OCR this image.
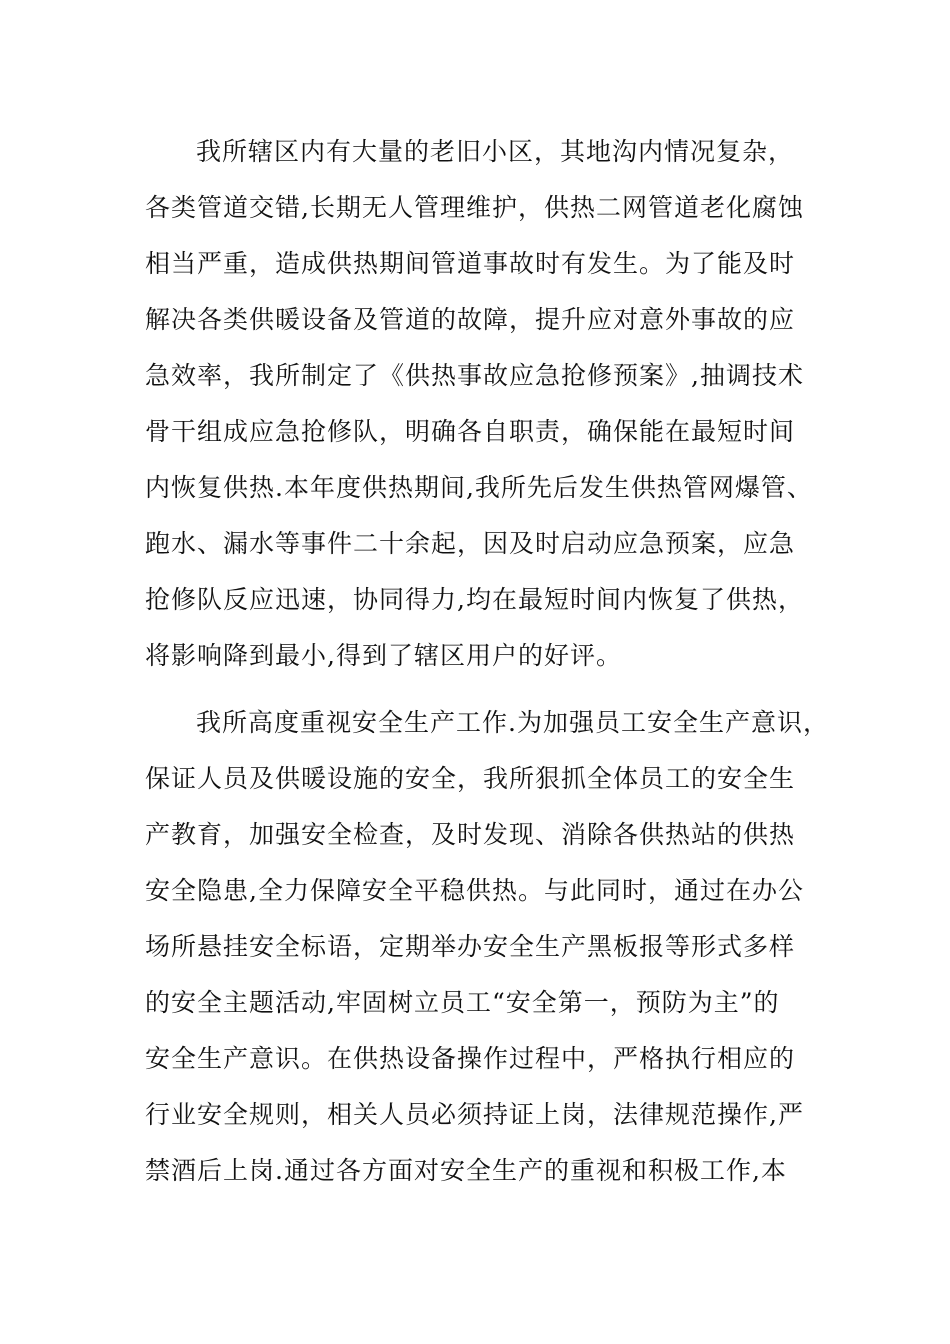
我所辖区内有大量的老旧小区，其地沟内情况复杂，
各类管道交错,长期无人管理维护，供热二网管道老化腐蚀
相当严重，造成供热期间管道事故时有发生。为了能及时
解决各类供暖设备及管道的故障，提升应对意外事故的应
急效率，我所制定了《供热事故应急抢修预案》,抽调技术
骨干组成应急抢修队，明确各自职责，确保能在最短时间
内恢复供热.本年度供热期间,我所先后发生供热管网爆管、
跑水、漏水等事件二十余起，因及时启动应急预案，应急
抢修队反应迅速，协同得力,均在最短时间内恢复了供热，
将影响降到最小,得到了辖区用户的好评。
我所高度重视安全生产工作.为加强员工安全生产意识，
保证人员及供暖设施的安全，我所狠抓全体员工的安全生
产教育，加强安全检查，及时发现、消除各供热站的供热
安全隐患,全力保障安全平稳供热。与此同时，通过在办公
场所悬挂安全标语，定期举办安全生产黑板报等形式多样
的安全主题活动,牢固树立员工“安全第一，预防为主”的
安全生产意识。在供热设备操作过程中，严格执行相应的
行业安全规则，相关人员必须持证上岗，法律规范操作,严
禁酒后上岗.通过各方面对安全生产的重视和积极工作,本
